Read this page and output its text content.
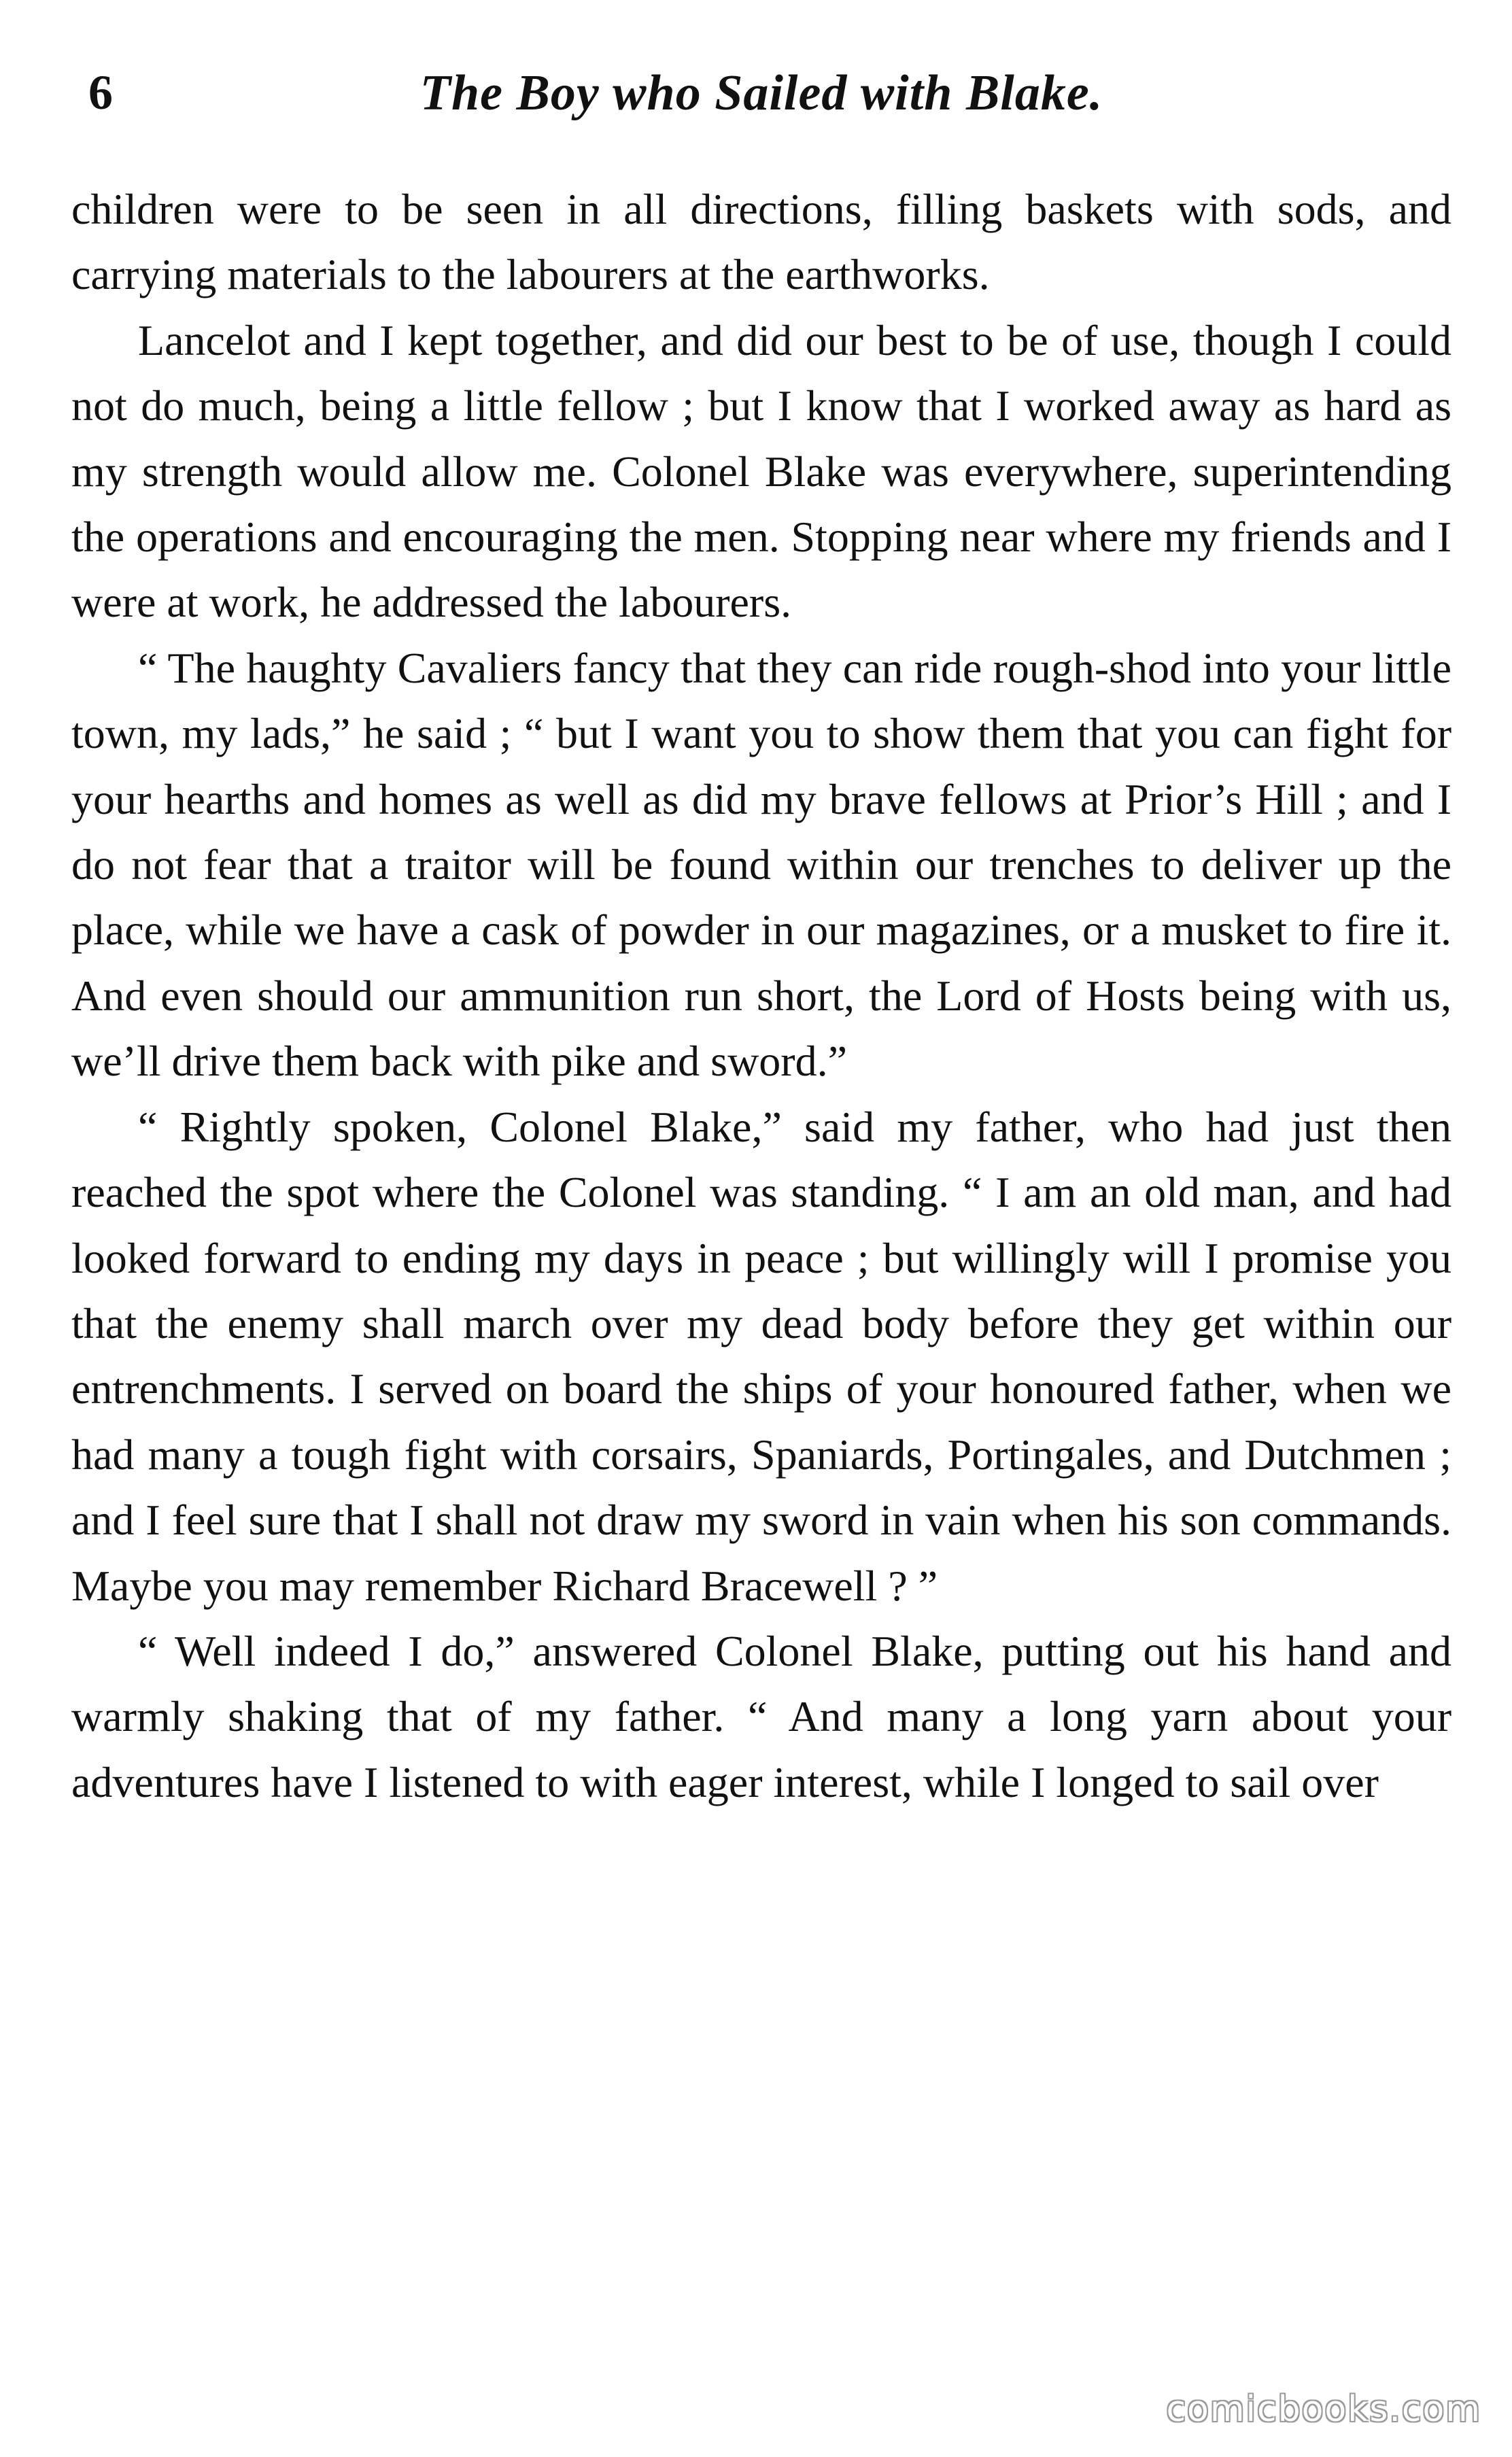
6	The Boy who Sailed with Blake.

children were to be seen in all directions, filling baskets with sods, and carrying materials to the labourers at the earthworks.

Lancelot and I kept together, and did our best to be of use, though I could not do much, being a little fellow ; but I know that I worked away as hard as my strength would allow me. Colonel Blake was everywhere, superintending the operations and encouraging the men. Stopping near where my friends and I were at work, he addressed the labourers.

“ The haughty Cavaliers fancy that they can ride rough-shod into your little town, my lads,” he said ; “ but I want you to show them that you can fight for your hearths and homes as well as did my brave fellows at Prior’s Hill ; and I do not fear that a traitor will be found within our trenches to deliver up the place, while we have a cask of powder in our magazines, or a musket to fire it. And even should our ammunition run short, the Lord of Hosts being with us, we’ll drive them back with pike and sword.”

“ Rightly spoken, Colonel Blake,” said my father, who had just then reached the spot where the Colonel was standing. “ I am an old man, and had looked forward to ending my days in peace ; but willingly will I promise you that the enemy shall march over my dead body before they get within our entrenchments. I served on board the ships of your honoured father, when we had many a tough fight with corsairs, Spaniards, Portingales, and Dutchmen ; and I feel sure that I shall not draw my sword in vain when his son commands. Maybe you may remember Richard Bracewell ? ”

“ Well indeed I do,” answered Colonel Blake, putting out his hand and warmly shaking that of my father. “ And many a long yarn about your adventures have I listened to with eager interest, while I longed to sail over

comicbooks.com
